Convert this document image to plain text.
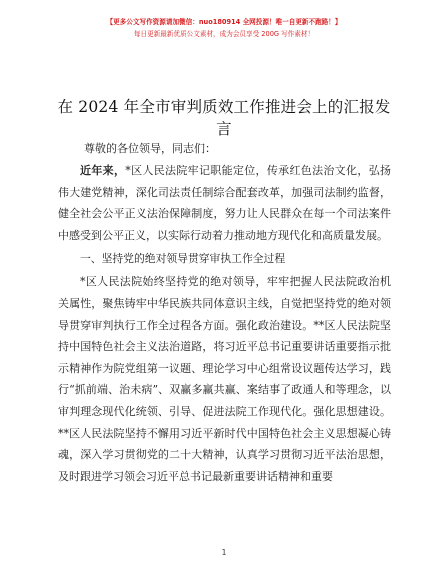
【更多公文写作资源请加微信：nuo180914 全网投源！唯一自更新不跑路！】
每日更新最新优质公文素材，成为会员享受 200G 写作素材！
在 2024 年全市审判质效工作推进会上的汇报发言
尊敬的各位领导，同志们：

近年来，*区人民法院牢记职能定位，传承红色法治文化，弘扬伟大建党精神，深化司法责任制综合配套改革，加强司法制约监督，健全社会公平正义法治保障制度，努力让人民群众在每一个司法案件中感受到公平正义，以实际行动着力推动地方现代化和高质量发展。

一、坚持党的绝对领导贯穿审执工作全过程

*区人民法院始终坚持党的绝对领导，牢牢把握人民法院政治机关属性，聚焦铸牢中华民族共同体意识主线，自觉把坚持党的绝对领导贯穿审判执行工作全过程各方面。强化政治建设。**区人民法院坚持中国特色社会主义法治道路，将习近平总书记重要讲话重要指示批示精神作为院党组第一议题、理论学习中心组常设议题传达学习，践行“抓前端、治未病”、双赢多赢共赢、案结事了政通人和等理念，以审判理念现代化统领、引导、促进法院工作现代化。强化思想建设。**区人民法院坚持不懈用习近平新时代中国特色社会主义思想凝心铸魂，深入学习贯彻党的二十大精神，认真学习贯彻习近平法治思想，及时跟进学习领会习近平总书记最新重要讲话精神和重要

1
